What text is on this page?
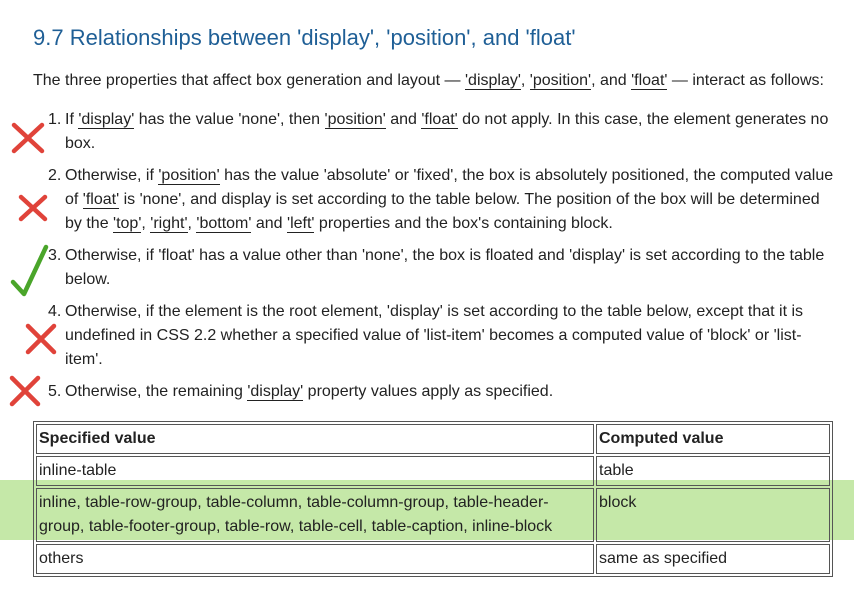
9.7 Relationships between 'display', 'position', and 'float'

The three properties that affect box generation and layout — 'display', 'position', and 'float' — interact as follows:

1. If 'display' has the value 'none', then 'position' and 'float' do not apply. In this case, the element generates no box.
2. Otherwise, if 'position' has the value 'absolute' or 'fixed', the box is absolutely positioned, the computed value of 'float' is 'none', and display is set according to the table below. The position of the box will be determined by the 'top', 'right', 'bottom' and 'left' properties and the box's containing block.
3. Otherwise, if 'float' has a value other than 'none', the box is floated and 'display' is set according to the table below.
4. Otherwise, if the element is the root element, 'display' is set according to the table below, except that it is undefined in CSS 2.2 whether a specified value of 'list-item' becomes a computed value of 'block' or 'list-item'.
5. Otherwise, the remaining 'display' property values apply as specified.
Specified value	Computed value
inline-table	table
inline, table-row-group, table-column, table-column-group, table-header-group, table-footer-group, table-row, table-cell, table-caption, inline-block	block
others	same as specified
